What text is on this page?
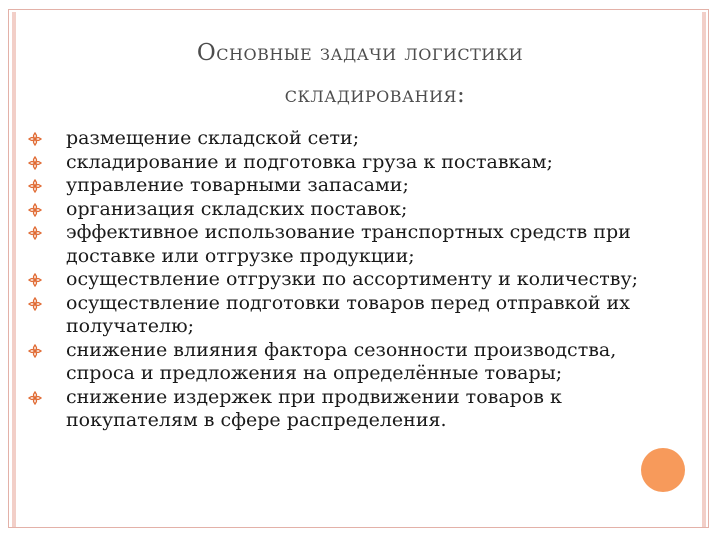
Основные задачи логистики
складирования:
размещение складской сети;
складирование и подготовка груза к поставкам;
управление товарными запасами;
организация складских поставок;
эффективное использование транспортных средств при доставке или отгрузке продукции;
осуществление отгрузки по ассортименту и количеству;
осуществление подготовки товаров перед отправкой их получателю;
снижение влияния фактора сезонности производства, спроса и предложения на определённые товары;
снижение издержек при продвижении товаров к покупателям в сфере распределения.
